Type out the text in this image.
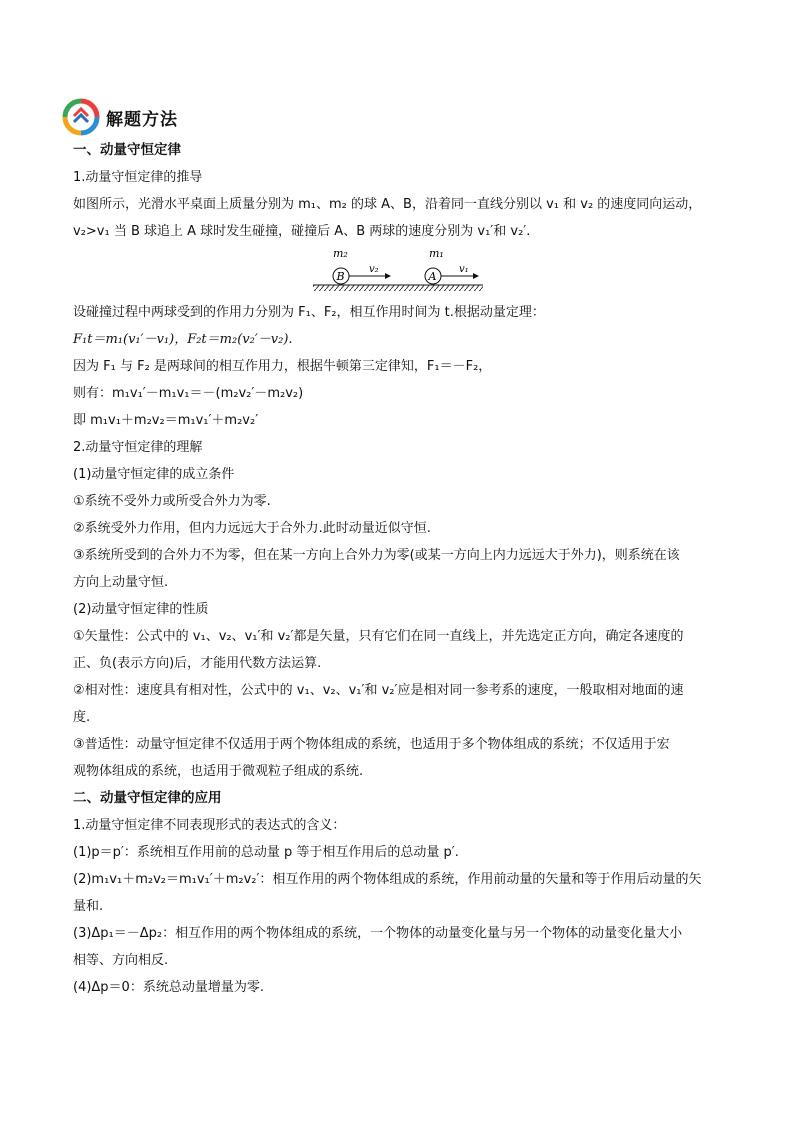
解题方法
一、动量守恒定律
1.动量守恒定律的推导
如图所示，光滑水平桌面上质量分别为 m₁、m₂ 的球 A、B，沿着同一直线分别以 v₁ 和 v₂ 的速度同向运动，
v₂>v₁ 当 B 球追上 A 球时发生碰撞，碰撞后 A、B 两球的速度分别为 v₁′和 v₂′.
m₂	m₁
B	A
v₂	v₁
设碰撞过程中两球受到的作用力分别为 F₁、F₂，相互作用时间为 t.根据动量定理：
F₁t＝m₁(v₁′－v₁)，F₂t＝m₂(v₂′－v₂).
因为 F₁ 与 F₂ 是两球间的相互作用力，根据牛顿第三定律知，F₁＝－F₂，
则有：m₁v₁′－m₁v₁＝－(m₂v₂′－m₂v₂)
即 m₁v₁＋m₂v₂＝m₁v₁′＋m₂v₂′
2.动量守恒定律的理解
(1)动量守恒定律的成立条件
①系统不受外力或所受合外力为零.
②系统受外力作用，但内力远远大于合外力.此时动量近似守恒.
③系统所受到的合外力不为零，但在某一方向上合外力为零(或某一方向上内力远远大于外力)，则系统在该
方向上动量守恒.
(2)动量守恒定律的性质
①矢量性：公式中的 v₁、v₂、v₁′和 v₂′都是矢量，只有它们在同一直线上，并先选定正方向，确定各速度的
正、负(表示方向)后，才能用代数方法运算.
②相对性：速度具有相对性，公式中的 v₁、v₂、v₁′和 v₂′应是相对同一参考系的速度，一般取相对地面的速
度.
③普适性：动量守恒定律不仅适用于两个物体组成的系统，也适用于多个物体组成的系统；不仅适用于宏
观物体组成的系统，也适用于微观粒子组成的系统.
二、动量守恒定律的应用
1.动量守恒定律不同表现形式的表达式的含义：
(1)p＝p′：系统相互作用前的总动量 p 等于相互作用后的总动量 p′.
(2)m₁v₁＋m₂v₂＝m₁v₁′＋m₂v₂′：相互作用的两个物体组成的系统，作用前动量的矢量和等于作用后动量的矢
量和.
(3)Δp₁＝－Δp₂：相互作用的两个物体组成的系统，一个物体的动量变化量与另一个物体的动量变化量大小
相等、方向相反.
(4)Δp＝0：系统总动量增量为零.
